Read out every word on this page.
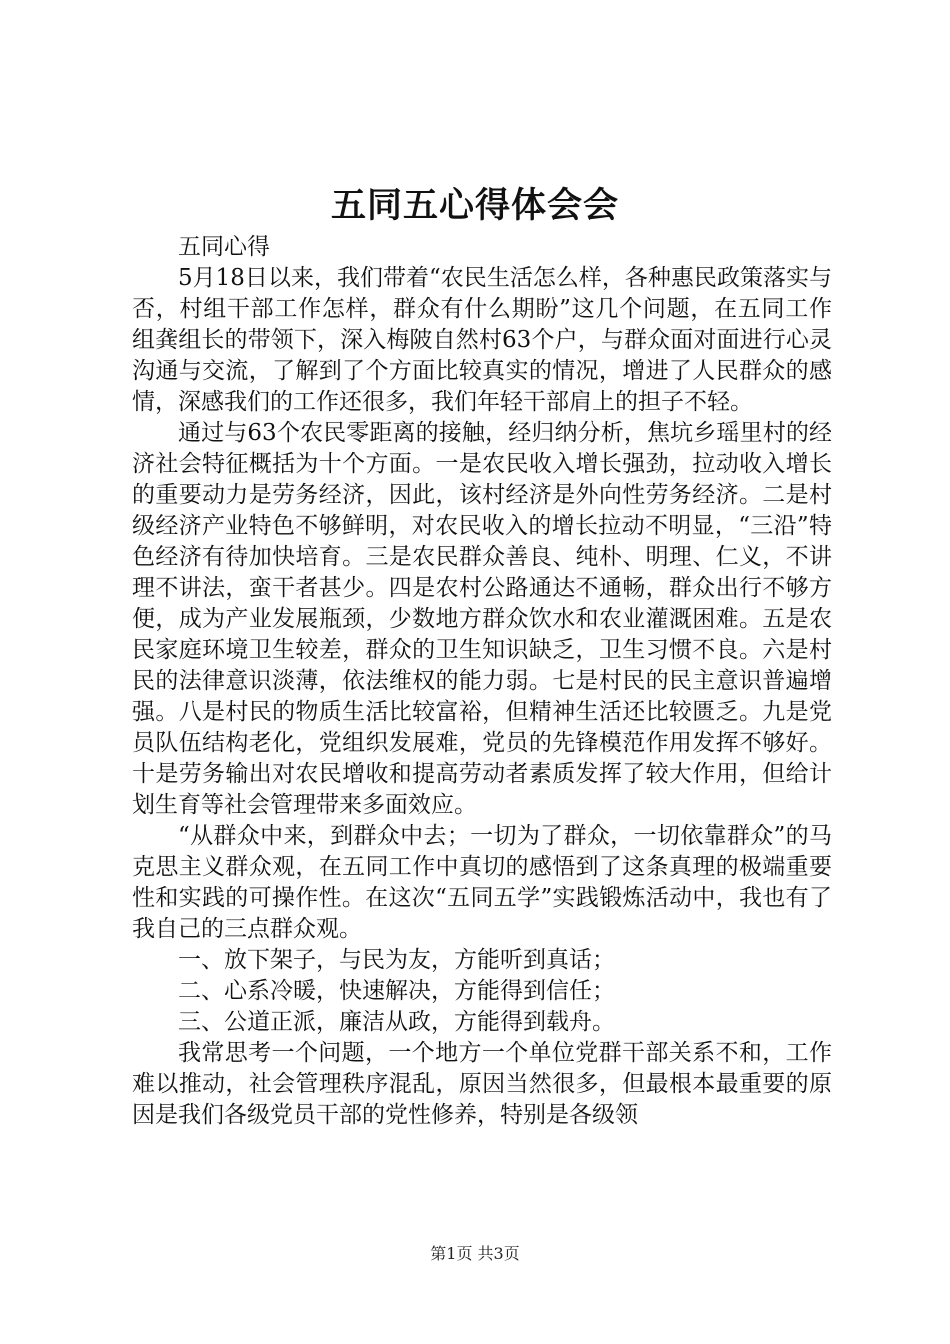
五同五心得体会会

五同心得

5月18日以来，我们带着“农民生活怎么样，各种惠民政策落实与否，村组干部工作怎样，群众有什么期盼”这几个问题，在五同工作组龚组长的带领下，深入梅陂自然村63个户，与群众面对面进行心灵沟通与交流，了解到了个方面比较真实的情况，增进了人民群众的感情，深感我们的工作还很多，我们年轻干部肩上的担子不轻。

通过与63个农民零距离的接触，经归纳分析，焦坑乡瑶里村的经济社会特征概括为十个方面。一是农民收入增长强劲，拉动收入增长的重要动力是劳务经济，因此，该村经济是外向性劳务经济。二是村级经济产业特色不够鲜明，对农民收入的增长拉动不明显，“三沿”特色经济有待加快培育。三是农民群众善良、纯朴、明理、仁义，不讲理不讲法，蛮干者甚少。四是农村公路通达不通畅，群众出行不够方便，成为产业发展瓶颈，少数地方群众饮水和农业灌溉困难。五是农民家庭环境卫生较差，群众的卫生知识缺乏，卫生习惯不良。六是村民的法律意识淡薄，依法维权的能力弱。七是村民的民主意识普遍增强。八是村民的物质生活比较富裕，但精神生活还比较匮乏。九是党员队伍结构老化，党组织发展难，党员的先锋模范作用发挥不够好。十是劳务输出对农民增收和提高劳动者素质发挥了较大作用，但给计划生育等社会管理带来多面效应。

“从群众中来，到群众中去；一切为了群众，一切依靠群众”的马克思主义群众观，在五同工作中真切的感悟到了这条真理的极端重要性和实践的可操作性。在这次“五同五学”实践锻炼活动中，我也有了我自己的三点群众观。

一、放下架子，与民为友，方能听到真话；

二、心系冷暖，快速解决，方能得到信任；

三、公道正派，廉洁从政，方能得到载舟。

我常思考一个问题，一个地方一个单位党群干部关系不和，工作难以推动，社会管理秩序混乱，原因当然很多，但最根本最重要的原因是我们各级党员干部的党性修养，特别是各级领

第1页 共3页
